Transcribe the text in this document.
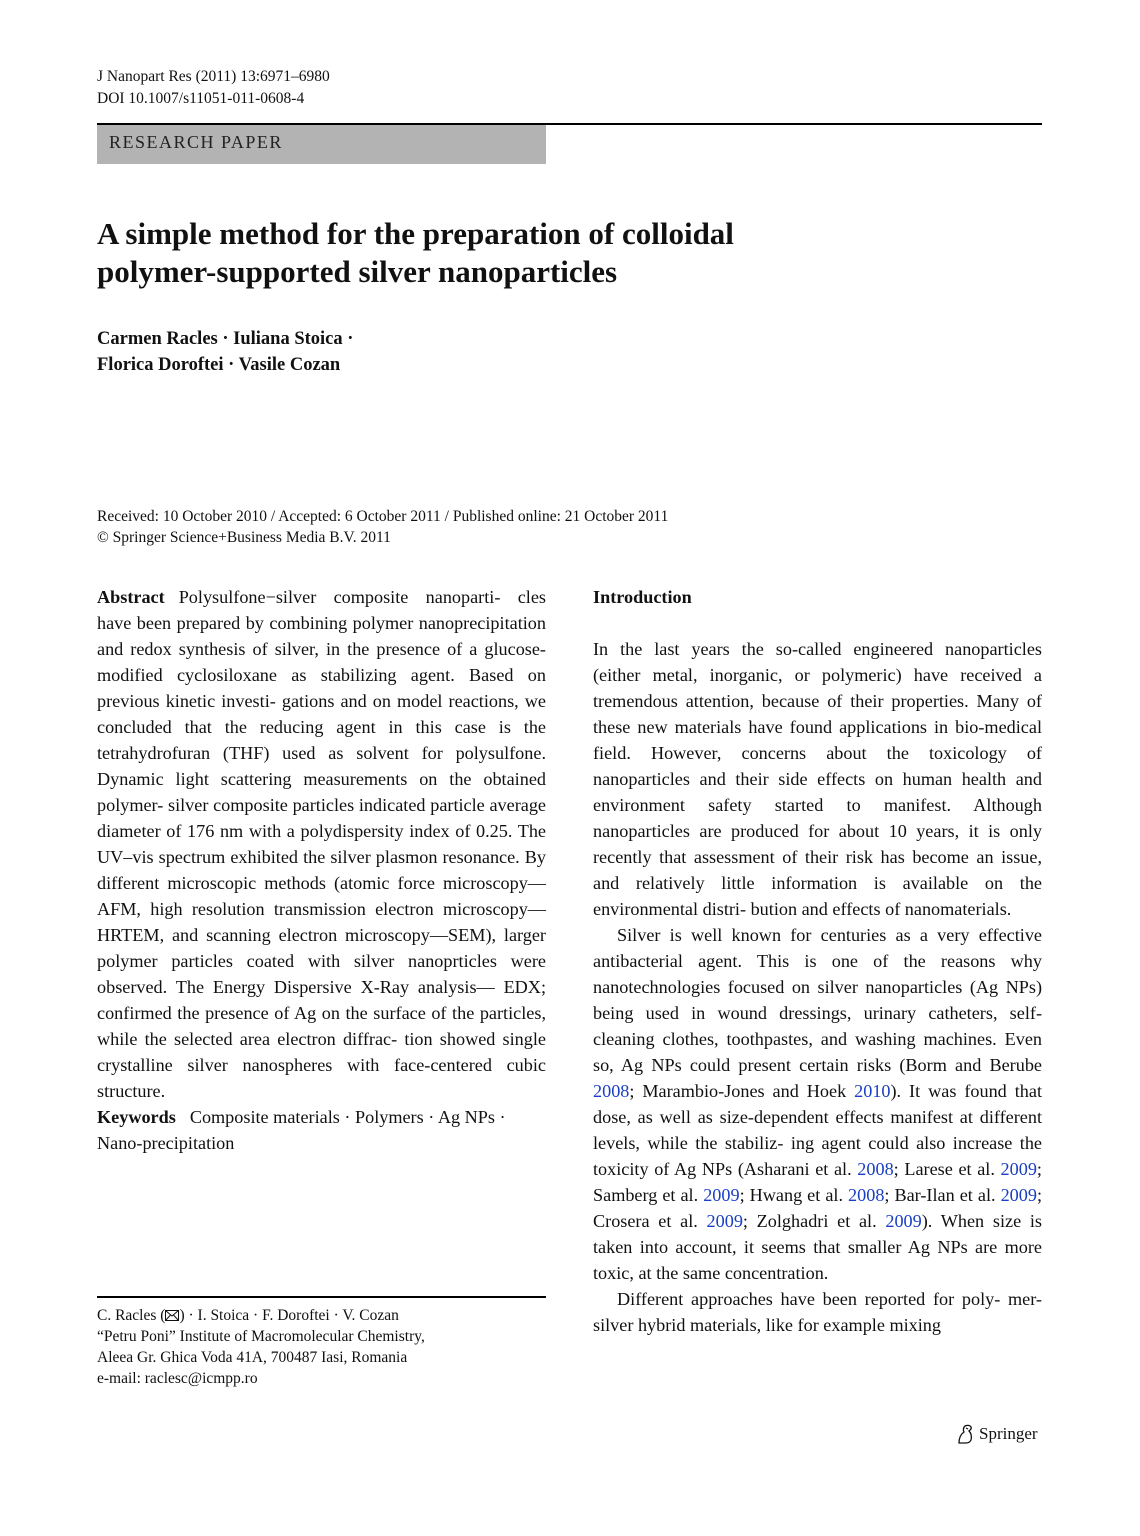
J Nanopart Res (2011) 13:6971–6980
DOI 10.1007/s11051-011-0608-4
RESEARCH PAPER
A simple method for the preparation of colloidal
polymer-supported silver nanoparticles
Carmen Racles · Iuliana Stoica ·
Florica Doroftei · Vasile Cozan
Received: 10 October 2010 / Accepted: 6 October 2011 / Published online: 21 October 2011
© Springer Science+Business Media B.V. 2011

Abstract Polysulfone−silver composite nanoparti- cles have been prepared by combining polymer nanoprecipitation and redox synthesis of silver, in the presence of a glucose-modified cyclosiloxane as stabilizing agent. Based on previous kinetic investi- gations and on model reactions, we concluded that the reducing agent in this case is the tetrahydrofuran (THF) used as solvent for polysulfone. Dynamic light scattering measurements on the obtained polymer- silver composite particles indicated particle average diameter of 176 nm with a polydispersity index of 0.25. The UV–vis spectrum exhibited the silver plasmon resonance. By different microscopic methods (atomic force microscopy—AFM, high resolution transmission electron microscopy—HRTEM, and scanning electron microscopy—SEM), larger polymer particles coated with silver nanoprticles were observed. The Energy Dispersive X-Ray analysis— EDX; confirmed the presence of Ag on the surface of the particles, while the selected area electron diffrac- tion showed single crystalline silver nanospheres with face-centered cubic structure.

Keywords Composite materials · Polymers · Ag NPs · Nano-precipitation

C. Racles ( ) · I. Stoica · F. Doroftei · V. Cozan
“Petru Poni” Institute of Macromolecular Chemistry,
Aleea Gr. Ghica Voda 41A, 700487 Iasi, Romania
e-mail: raclesc@icmpp.ro
Introduction

In the last years the so-called engineered nanoparticles (either metal, inorganic, or polymeric) have received a tremendous attention, because of their properties. Many of these new materials have found applications in bio-medical field. However, concerns about the toxicology of nanoparticles and their side effects on human health and environment safety started to manifest. Although nanoparticles are produced for about 10 years, it is only recently that assessment of their risk has become an issue, and relatively little information is available on the environmental distri- bution and effects of nanomaterials.

Silver is well known for centuries as a very effective antibacterial agent. This is one of the reasons why nanotechnologies focused on silver nanoparticles (Ag NPs) being used in wound dressings, urinary catheters, self-cleaning clothes, toothpastes, and washing machines. Even so, Ag NPs could present certain risks (Borm and Berube 2008; Marambio-Jones and Hoek 2010). It was found that dose, as well as size-dependent effects manifest at different levels, while the stabiliz- ing agent could also increase the toxicity of Ag NPs (Asharani et al. 2008; Larese et al. 2009; Samberg et al. 2009; Hwang et al. 2008; Bar-Ilan et al. 2009; Crosera et al. 2009; Zolghadri et al. 2009). When size is taken into account, it seems that smaller Ag NPs are more toxic, at the same concentration.

Different approaches have been reported for poly- mer-silver hybrid materials, like for example mixing

Springer
